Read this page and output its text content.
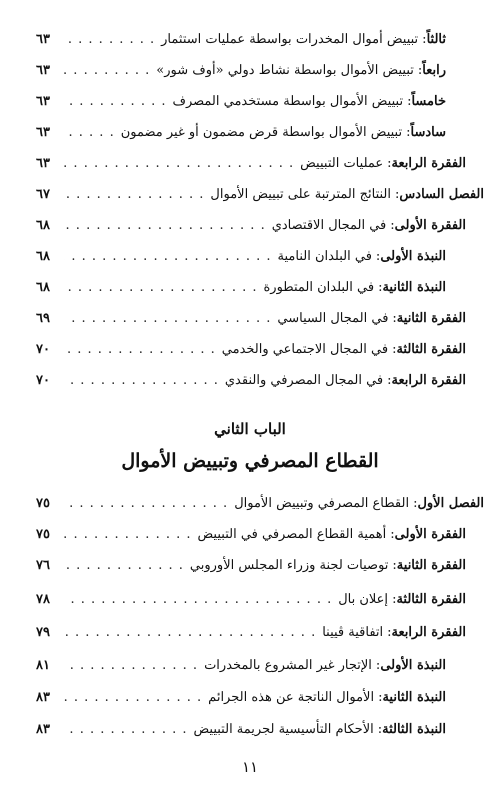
ثالثاً
:
تبييض أموال المخدرات بواسطة عمليات استثمار
. . .
٦٣
رابعاً
:
تبييض الأموال بواسطة نشاط دولي «أوف شور»
. . .
٦٣
خامساً
:
تبييض الأموال بواسطة مستخدمي المصرف
. . .
٦٣
سادساً
:
تبييض الأموال بواسطة قرض مضمون أو غير مضمون
. . .
٦٣
الفقرة الرابعة
:
عمليات التبييض
. . .
٦٣
الفصل السادس
:
النتائج المترتبة على تبييض الأموال
. . .
٦٧
الفقرة الأولى
:
في المجال الاقتصادي
. . .
٦٨
النبذة الأولى
:
في البلدان النامية
. . .
٦٨
النبذة الثانية
:
في البلدان المتطورة
. . .
٦٨
الفقرة الثانية
:
في المجال السياسي
. . .
٦٩
الفقرة الثالثة
:
في المجال الاجتماعي والخدمي
. . .
٧٠
الفقرة الرابعة
:
في المجال المصرفي والنقدي
. . .
٧٠
الباب الثاني
القطاع المصرفي وتبييض الأموال
الفصل الأول
:
القطاع المصرفي وتبييض الأموال
. . .
٧٥
الفقرة الأولى
:
أهمية القطاع المصرفي في التبييض
. . .
٧٥
الفقرة الثانية
:
توصيات لجنة وزراء المجلس الأوروبي
. . .
٧٦
الفقرة الثالثة
:
إعلان بال
. . .
٧٨
الفقرة الرابعة
:
اتفاقية ڤيينا
. . .
٧٩
النبذة الأولى
:
الإتجار غير المشروع بالمخدرات
. . .
٨١
النبذة الثانية
:
الأموال الناتجة عن هذه الجرائم
. . .
٨٣
النبذة الثالثة
:
الأحكام التأسيسية لجريمة التبييض
. . .
٨٣
١١
